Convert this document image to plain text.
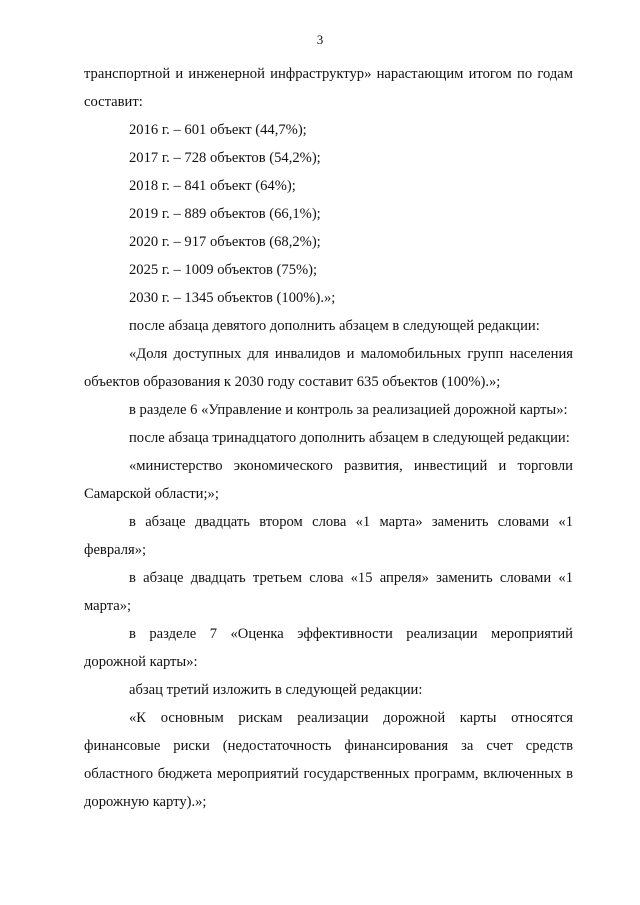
3

транспортной и инженерной инфраструктур» нарастающим итогом по годам составит:

2016 г. – 601 объект (44,7%);
2017 г. – 728 объектов (54,2%);
2018 г. – 841 объект (64%);
2019 г. – 889 объектов (66,1%);
2020 г. – 917 объектов (68,2%);
2025 г. – 1009 объектов (75%);
2030 г. – 1345 объектов (100%).»;

после абзаца девятого дополнить абзацем в следующей редакции:

«Доля доступных для инвалидов и маломобильных групп населения объектов образования к 2030 году составит 635 объектов (100%).»;

в разделе 6 «Управление и контроль за реализацией дорожной карты»:

после абзаца тринадцатого дополнить абзацем в следующей редакции:

«министерство экономического развития, инвестиций и торговли Самарской области;»;

в абзаце двадцать втором слова «1 марта» заменить словами «1 февраля»;

в абзаце двадцать третьем слова «15 апреля» заменить словами «1 марта»;

в разделе 7 «Оценка эффективности реализации мероприятий дорожной карты»:

абзац третий изложить в следующей редакции:

«К основным рискам реализации дорожной карты относятся финансовые риски (недостаточность финансирования за счет средств областного бюджета мероприятий государственных программ, включенных в дорожную карту).»;
